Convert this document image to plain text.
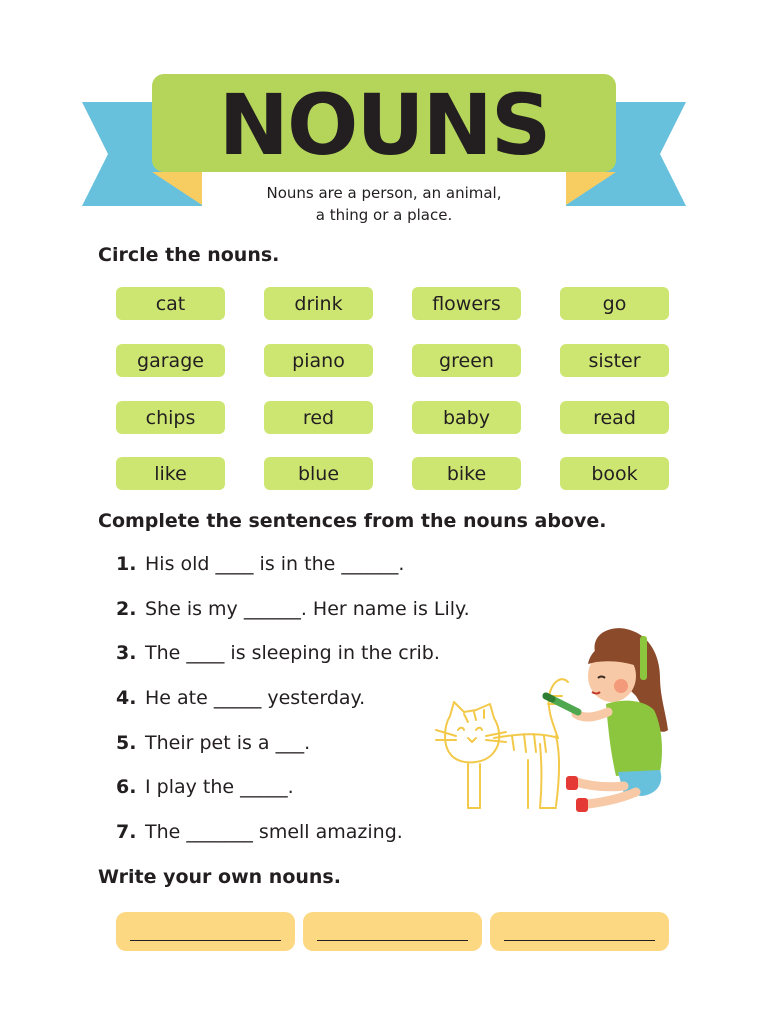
NOUNS
Nouns are a person, an animal,
a thing or a place.
Circle the nouns.
cat	drink	flowers	go
garage	piano	green	sister
chips	red	baby	read
like	blue	bike	book
Complete the sentences from the nouns above.
1. His old ____ is in the ______.
2. She is my ______. Her name is Lily.
3. The ____ is sleeping in the crib.
4. He ate _____ yesterday.
5. Their pet is a ___.
6. I play the _____.
7. The _______ smell amazing.
Write your own nouns.
